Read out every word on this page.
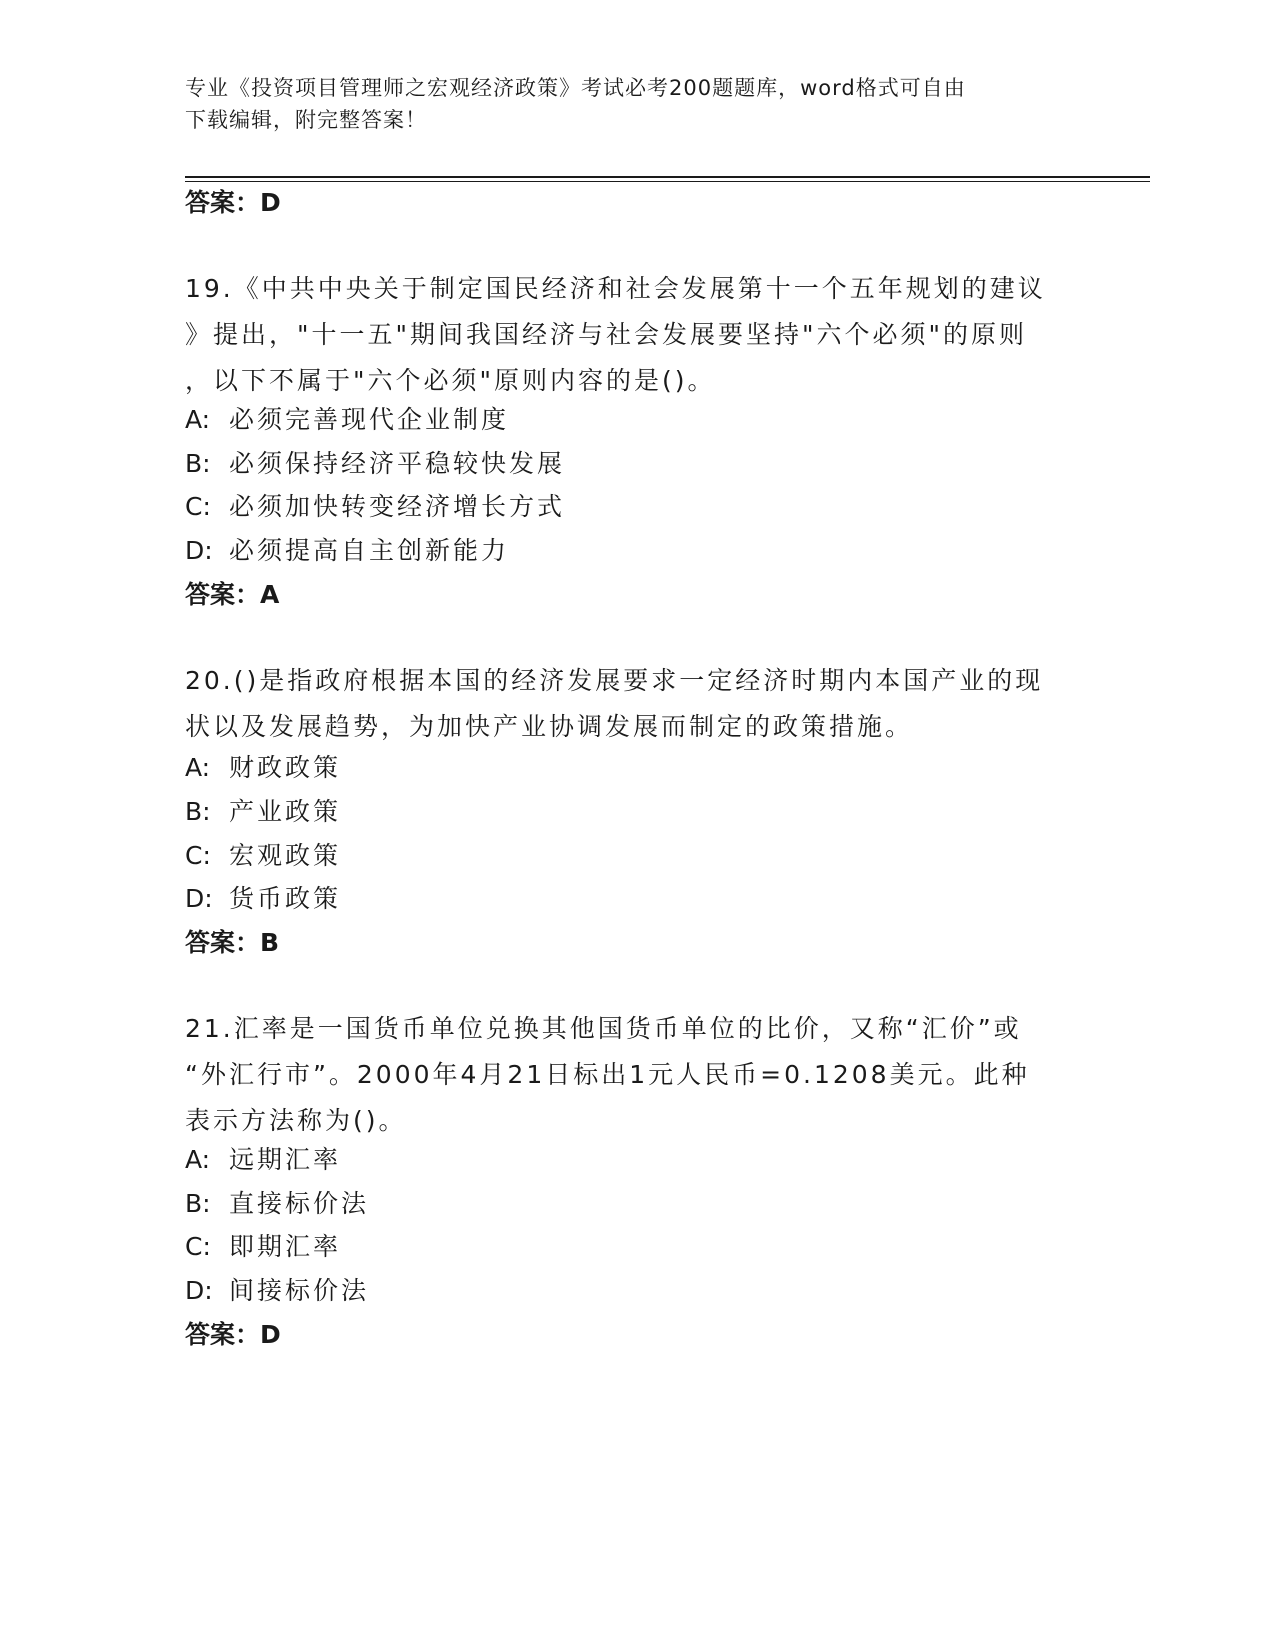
专业《投资项目管理师之宏观经济政策》考试必考200题题库，word格式可自由
下载编辑，附完整答案！
答案：D
19.《中共中央关于制定国民经济和社会发展第十一个五年规划的建议
》提出，"十一五"期间我国经济与社会发展要坚持"六个必须"的原则
，以下不属于"六个必须"原则内容的是()。
A: 必须完善现代企业制度
B: 必须保持经济平稳较快发展
C: 必须加快转变经济增长方式
D: 必须提高自主创新能力
答案：A
20.()是指政府根据本国的经济发展要求一定经济时期内本国产业的现
状以及发展趋势，为加快产业协调发展而制定的政策措施。
A: 财政政策
B: 产业政策
C: 宏观政策
D: 货币政策
答案：B
21.汇率是一国货币单位兑换其他国货币单位的比价，又称“汇价”或
“外汇行市”。2000年4月21日标出1元人民币=0.1208美元。此种
表示方法称为()。
A: 远期汇率
B: 直接标价法
C: 即期汇率
D: 间接标价法
答案：D
